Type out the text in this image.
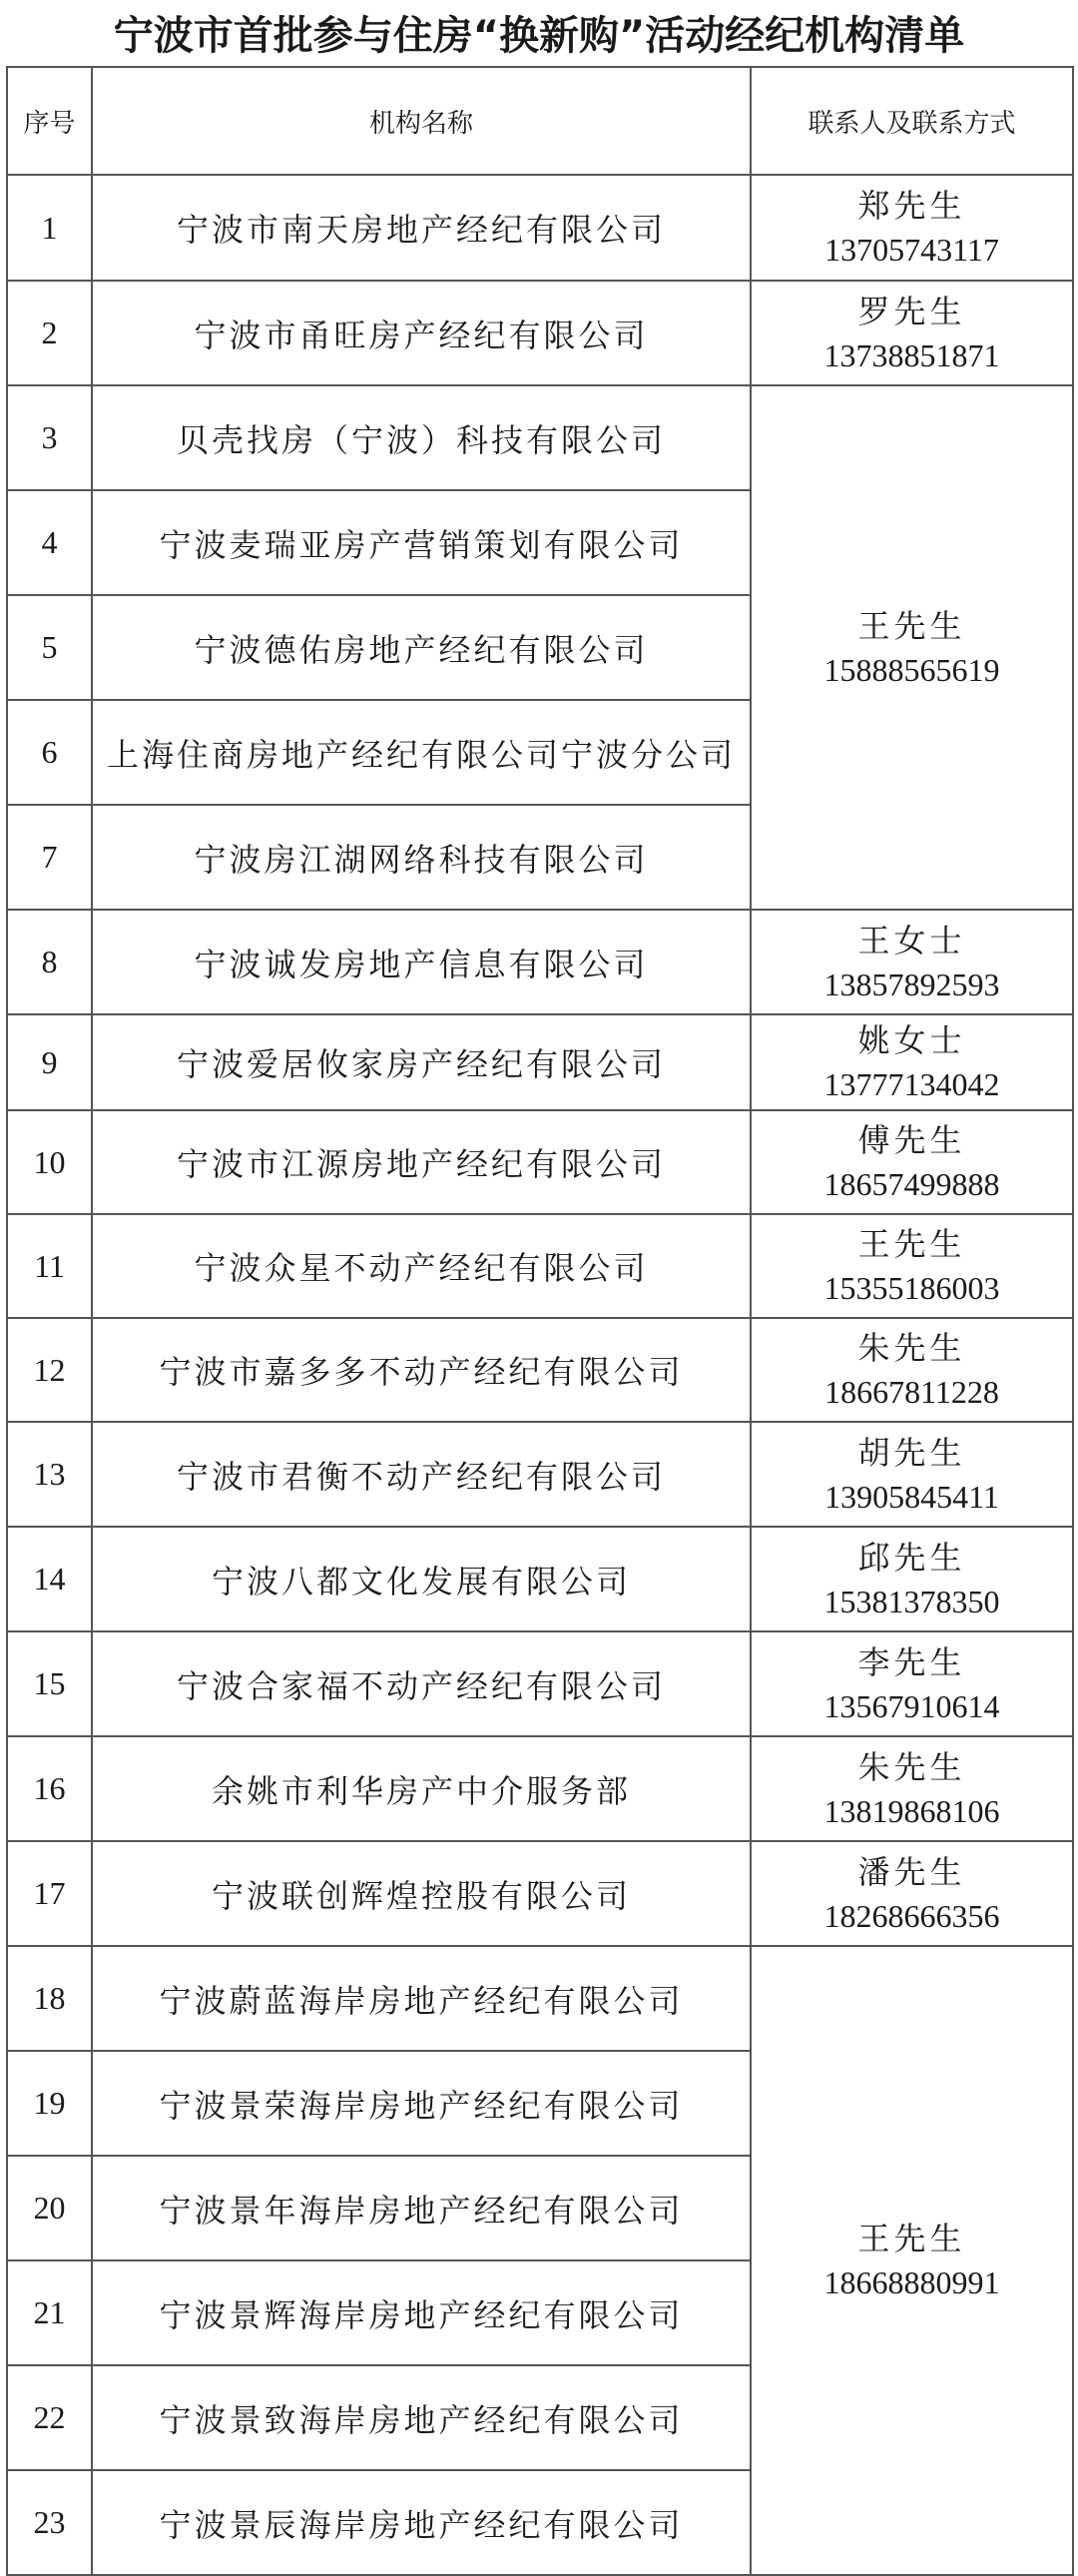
宁波市首批参与住房“换新购”活动经纪机构清单
序号	机构名称	联系人及联系方式
1	宁波市南天房地产经纪有限公司	郑先生
13705743117

2	宁波市甬旺房产经纪有限公司	罗先生
13738851871

3	贝壳找房（宁波）科技有限公司	王先生
15888565619

4	宁波麦瑞亚房产营销策划有限公司	
5	宁波德佑房地产经纪有限公司	
6	上海住商房地产经纪有限公司宁波分公司	
7	宁波房江湖网络科技有限公司	
8	宁波诚发房地产信息有限公司	王女士
13857892593

9	宁波爱居攸家房产经纪有限公司	姚女士
13777134042

10	宁波市江源房地产经纪有限公司	傅先生
18657499888

11	宁波众星不动产经纪有限公司	王先生
15355186003

12	宁波市嘉多多不动产经纪有限公司	朱先生
18667811228

13	宁波市君衡不动产经纪有限公司	胡先生
13905845411

14	宁波八都文化发展有限公司	邱先生
15381378350

15	宁波合家福不动产经纪有限公司	李先生
13567910614

16	余姚市利华房产中介服务部	朱先生
13819868106

17	宁波联创辉煌控股有限公司	潘先生
18268666356

18	宁波蔚蓝海岸房地产经纪有限公司	王先生
18668880991

19	宁波景荣海岸房地产经纪有限公司	
20	宁波景年海岸房地产经纪有限公司	
21	宁波景辉海岸房地产经纪有限公司	
22	宁波景致海岸房地产经纪有限公司	
23	宁波景辰海岸房地产经纪有限公司	
